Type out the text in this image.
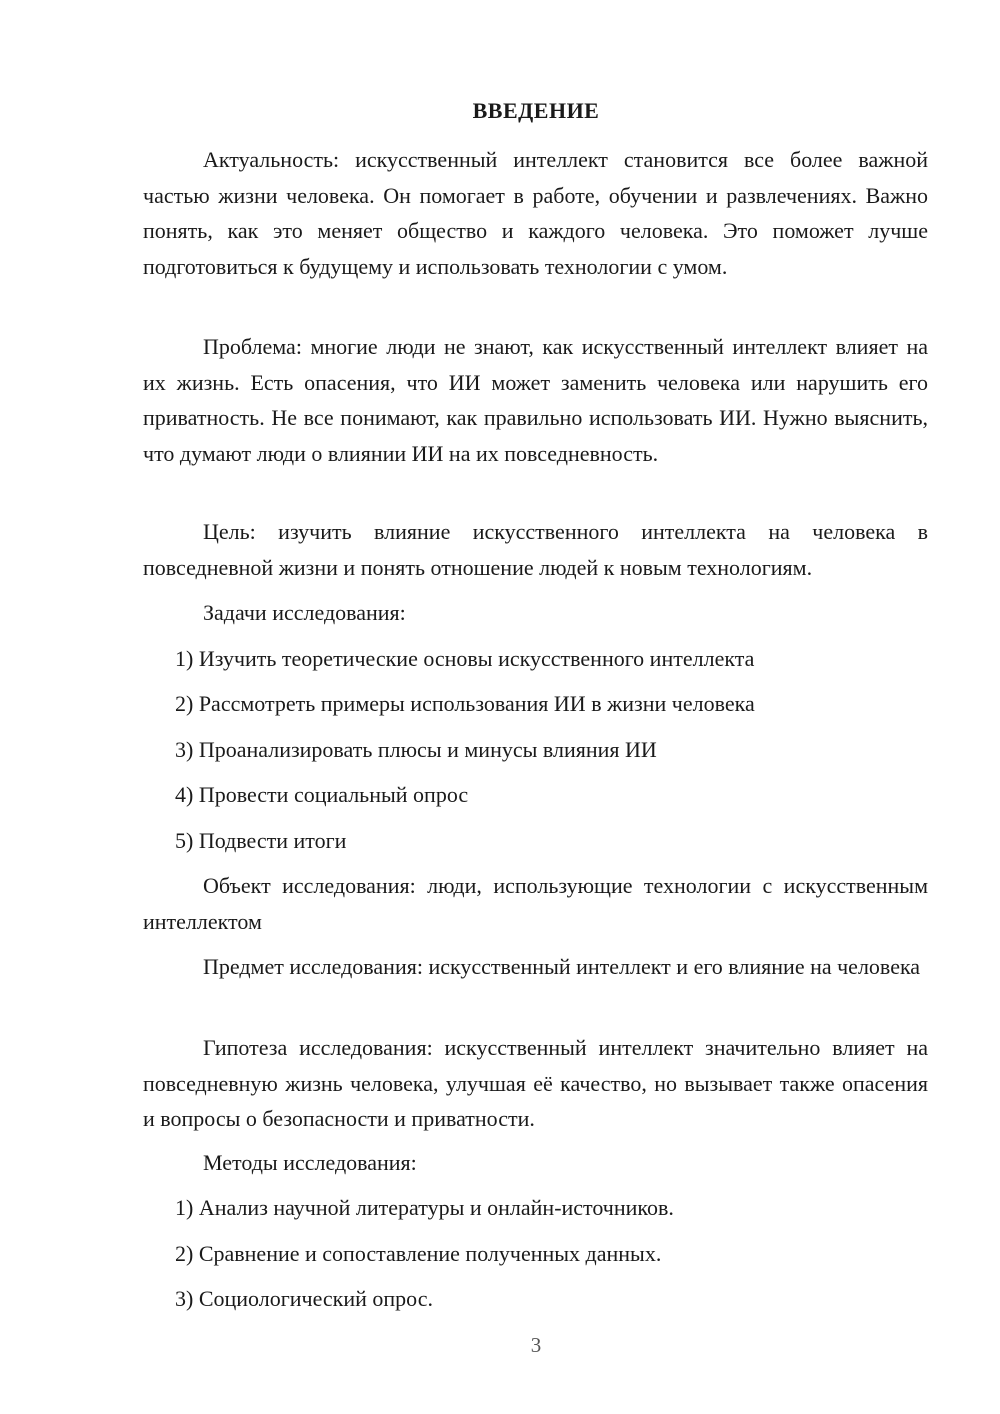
ВВЕДЕНИЕ

Актуальность: искусственный интеллект становится все более важной частью жизни человека. Он помогает в работе, обучении и развлечениях. Важно понять, как это меняет общество и каждого человека. Это поможет лучше подготовиться к будущему и использовать технологии с умом.

Проблема: многие люди не знают, как искусственный интеллект влияет на их жизнь. Есть опасения, что ИИ может заменить человека или нарушить его приватность. Не все понимают, как правильно использовать ИИ. Нужно выяснить, что думают люди о влиянии ИИ на их повседневность.

Цель: изучить влияние искусственного интеллекта на человека в повседневной жизни и понять отношение людей к новым технологиям.

Задачи исследования:

1) Изучить теоретические основы искусственного интеллекта

2) Рассмотреть примеры использования ИИ в жизни человека

3) Проанализировать плюсы и минусы влияния ИИ

4) Провести социальный опрос

5) Подвести итоги

Объект исследования: люди, использующие технологии с искусственным интеллектом

Предмет исследования: искусственный интеллект и его влияние на человека

Гипотеза исследования: искусственный интеллект значительно влияет на повседневную жизнь человека, улучшая её качество, но вызывает также опасения и вопросы о безопасности и приватности.

Методы исследования:

1) Анализ научной литературы и онлайн-источников.

2) Сравнение и сопоставление полученных данных.

3) Социологический опрос.

3
